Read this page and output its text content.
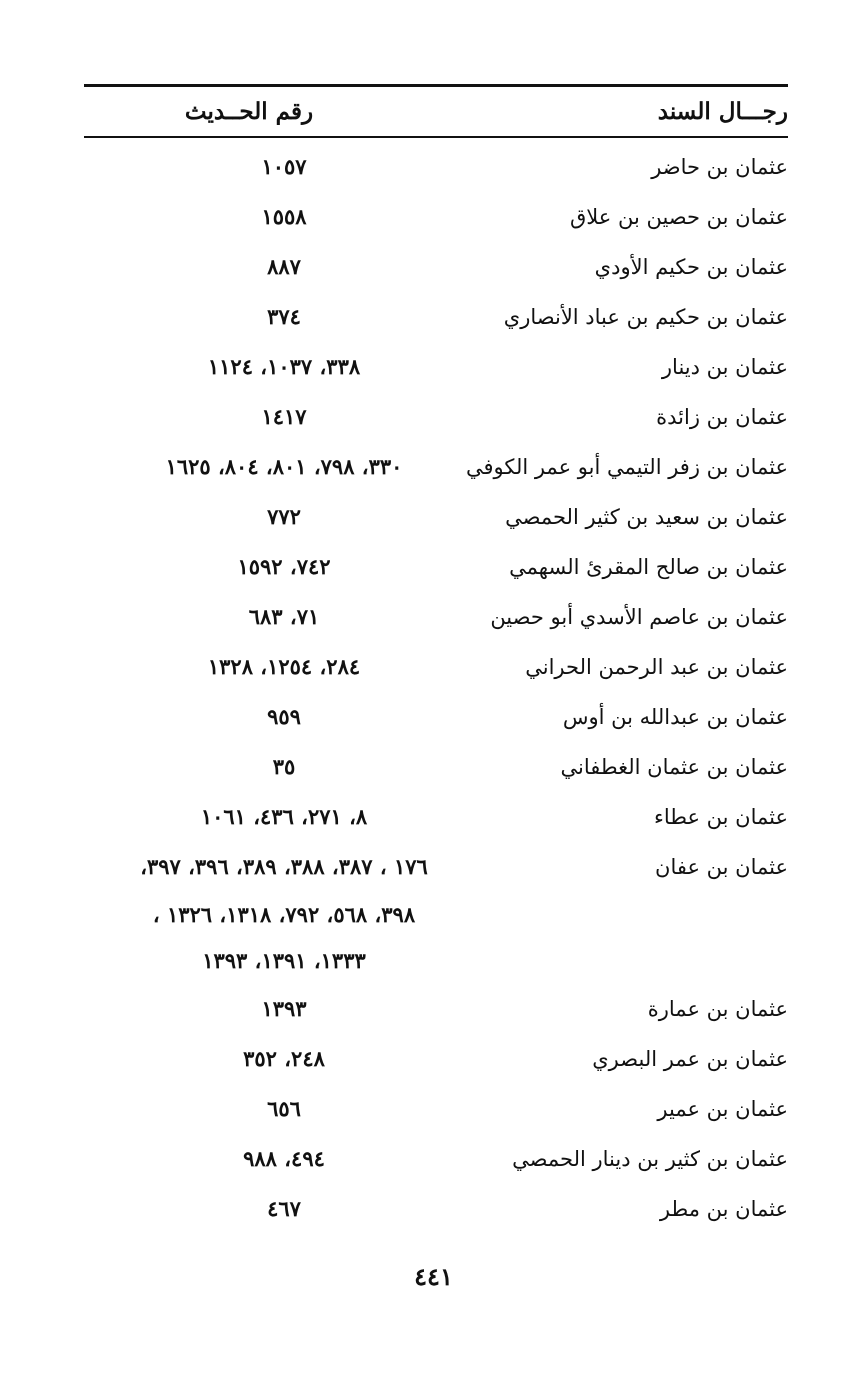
رجـــال السند
رقم الحــديث
عثمان بن حاضر
١٠٥٧
عثمان بن حصين بن علاق
١٥٥٨
عثمان بن حكيم الأودي
٨٨٧
عثمان بن حكيم بن عباد الأنصاري
٣٧٤
عثمان بن دينار
٣٣٨، ١٠٣٧، ١١٢٤
عثمان بن زائدة
١٤١٧
عثمان بن زفر التيمي أبو عمر الكوفي
٣٣٠، ٧٩٨، ٨٠١، ٨٠٤، ١٦٢٥
عثمان بن سعيد بن كثير الحمصي
٧٧٢
عثمان بن صالح المقرئ السهمي
٧٤٢، ١٥٩٢
عثمان بن عاصم الأسدي أبو حصين
٧١، ٦٨٣
عثمان بن عبد الرحمن الحراني
٢٨٤، ١٢٥٤، ١٣٢٨
عثمان بن عبدالله بن أوس
٩٥٩
عثمان بن عثمان الغطفاني
٣٥
عثمان بن عطاء
٨، ٢٧١، ٤٣٦، ١٠٦١
عثمان بن عفان
١٧٦ ، ٣٨٧، ٣٨٨، ٣٨٩، ٣٩٦، ٣٩٧،
٣٩٨، ٥٦٨، ٧٩٢، ١٣١٨، ١٣٢٦ ،
١٣٣٣، ١٣٩١، ١٣٩٣
عثمان بن عمارة
١٣٩٣
عثمان بن عمر البصري
٢٤٨، ٣٥٢
عثمان بن عمير
٦٥٦
عثمان بن كثير بن دينار الحمصي
٤٩٤، ٩٨٨
عثمان بن مطر
٤٦٧
٤٤١
